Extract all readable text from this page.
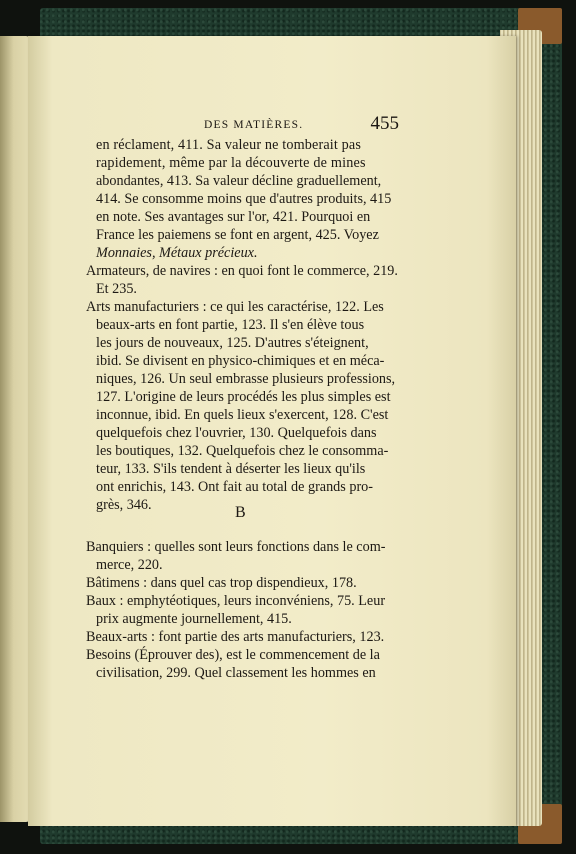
DES MATIÈRES.	455
en réclament, 411. Sa valeur ne tomberait pas
rapidement, même par la découverte de mines
abondantes, 413. Sa valeur décline graduellement,
414. Se consomme moins que d'autres produits, 415
en note. Ses avantages sur l'or, 421. Pourquoi en
France les paiemens se font en argent, 425. Voyez
Monnaies, Métaux précieux.
Armateurs, de navires : en quoi font le commerce, 219.
Et 235.
Arts manufacturiers : ce qui les caractérise, 122. Les
beaux-arts en font partie, 123. Il s'en élève tous
les jours de nouveaux, 125. D'autres s'éteignent,
ibid. Se divisent en physico-chimiques et en méca-
niques, 126. Un seul embrasse plusieurs professions,
127. L'origine de leurs procédés les plus simples est
inconnue, ibid. En quels lieux s'exercent, 128. C'est
quelquefois chez l'ouvrier, 130. Quelquefois dans
les boutiques, 132. Quelquefois chez le consomma-
teur, 133. S'ils tendent à déserter les lieux qu'ils
ont enrichis, 143. Ont fait au total de grands pro-
grès, 346.	B
Banquiers : quelles sont leurs fonctions dans le com-
merce, 220.
Bâtimens : dans quel cas trop dispendieux, 178.
Baux : emphytéotiques, leurs inconvéniens, 75. Leur
prix augmente journellement, 415.
Beaux-arts : font partie des arts manufacturiers, 123.
Besoins (Éprouver des), est le commencement de la
civilisation, 299. Quel classement les hommes en
